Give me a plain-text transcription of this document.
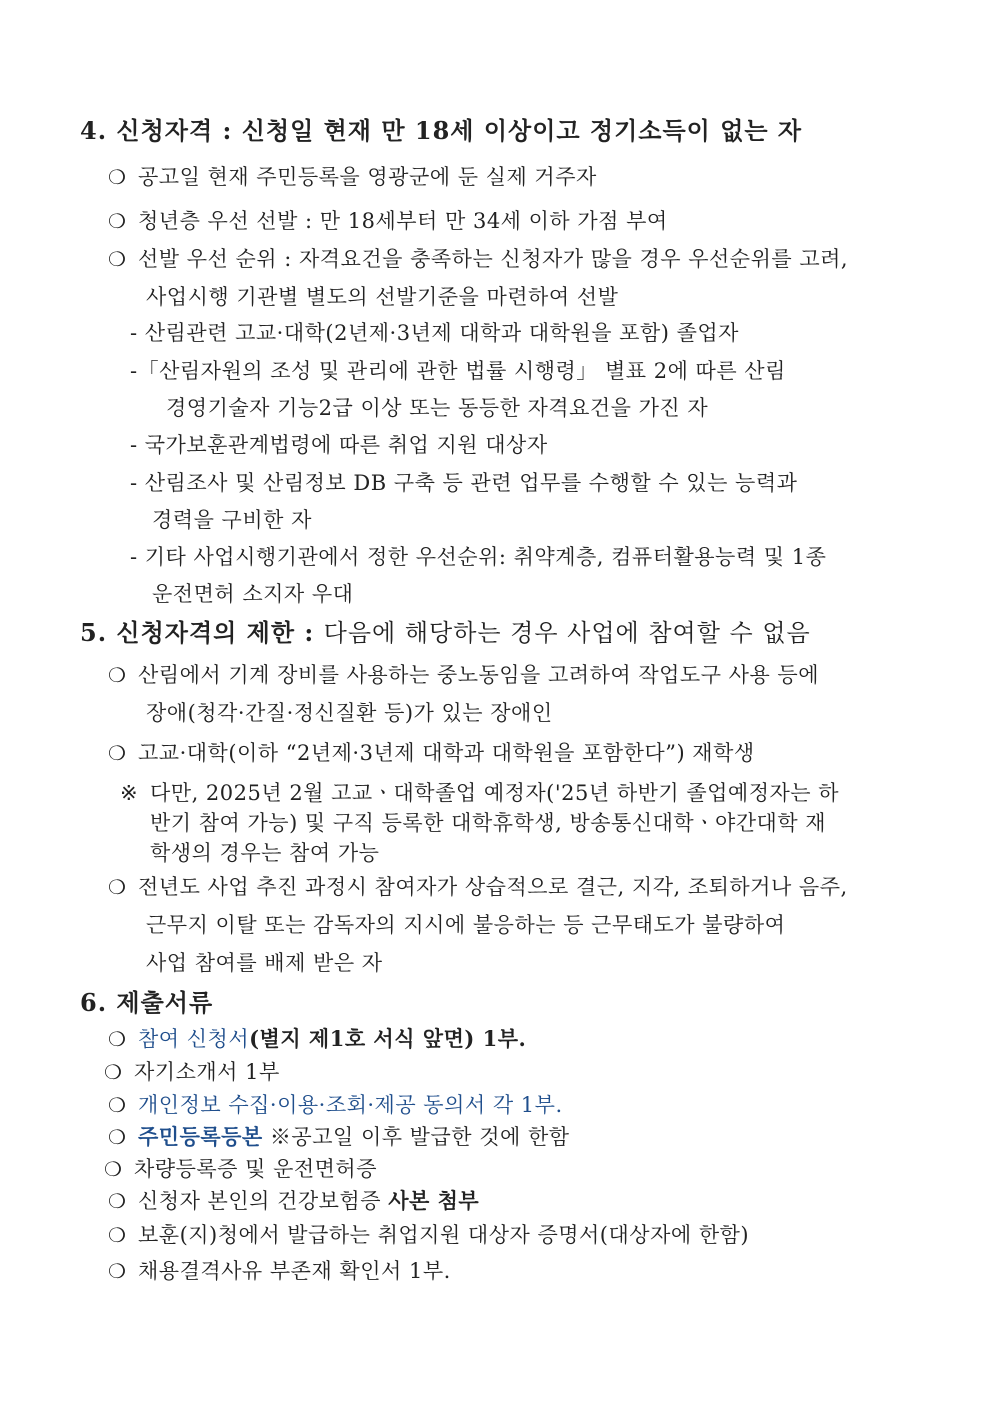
4. 신청자격 : 신청일 현재 만 18세 이상이고 정기소득이 없는 자
❍ 공고일 현재 주민등록을 영광군에 둔 실제 거주자
❍ 청년층 우선 선발 : 만 18세부터 만 34세 이하 가점 부여
❍ 선발 우선 순위 : 자격요건을 충족하는 신청자가 많을 경우 우선순위를 고려,
사업시행 기관별 별도의 선발기준을 마련하여 선발
- 산림관련 고교·대학(2년제·3년제 대학과 대학원을 포함) 졸업자
-「산림자원의 조성 및 관리에 관한 법률 시행령」 별표 2에 따른 산림
경영기술자 기능2급 이상 또는 동등한 자격요건을 가진 자
- 국가보훈관계법령에 따른 취업 지원 대상자
- 산림조사 및 산림정보 DB 구축 등 관련 업무를 수행할 수 있는 능력과
경력을 구비한 자
- 기타 사업시행기관에서 정한 우선순위: 취약계층, 컴퓨터활용능력 및 1종
운전면허 소지자 우대
5. 신청자격의 제한 : 다음에 해당하는 경우 사업에 참여할 수 없음
❍ 산림에서 기계 장비를 사용하는 중노동임을 고려하여 작업도구 사용 등에
장애(청각·간질·정신질환 등)가 있는 장애인
❍ 고교·대학(이하 “2년제·3년제 대학과 대학원을 포함한다”) 재학생
※ 다만, 2025년 2월 고교ㆍ대학졸업 예정자('25년 하반기 졸업예정자는 하
반기 참여 가능) 및 구직 등록한 대학휴학생, 방송통신대학ㆍ야간대학 재
학생의 경우는 참여 가능
❍ 전년도 사업 추진 과정시 참여자가 상습적으로 결근, 지각, 조퇴하거나 음주,
근무지 이탈 또는 감독자의 지시에 불응하는 등 근무태도가 불량하여
사업 참여를 배제 받은 자
6. 제출서류
❍ 참여 신청서(별지 제1호 서식 앞면) 1부.
❍ 자기소개서 1부
❍ 개인정보 수집·이용·조회·제공 동의서 각 1부.
❍ 주민등록등본 ※공고일 이후 발급한 것에 한함
❍ 차량등록증 및 운전면허증
❍ 신청자 본인의 건강보험증 사본 첨부
❍ 보훈(지)청에서 발급하는 취업지원 대상자 증명서(대상자에 한함)
❍ 채용결격사유 부존재 확인서 1부.
